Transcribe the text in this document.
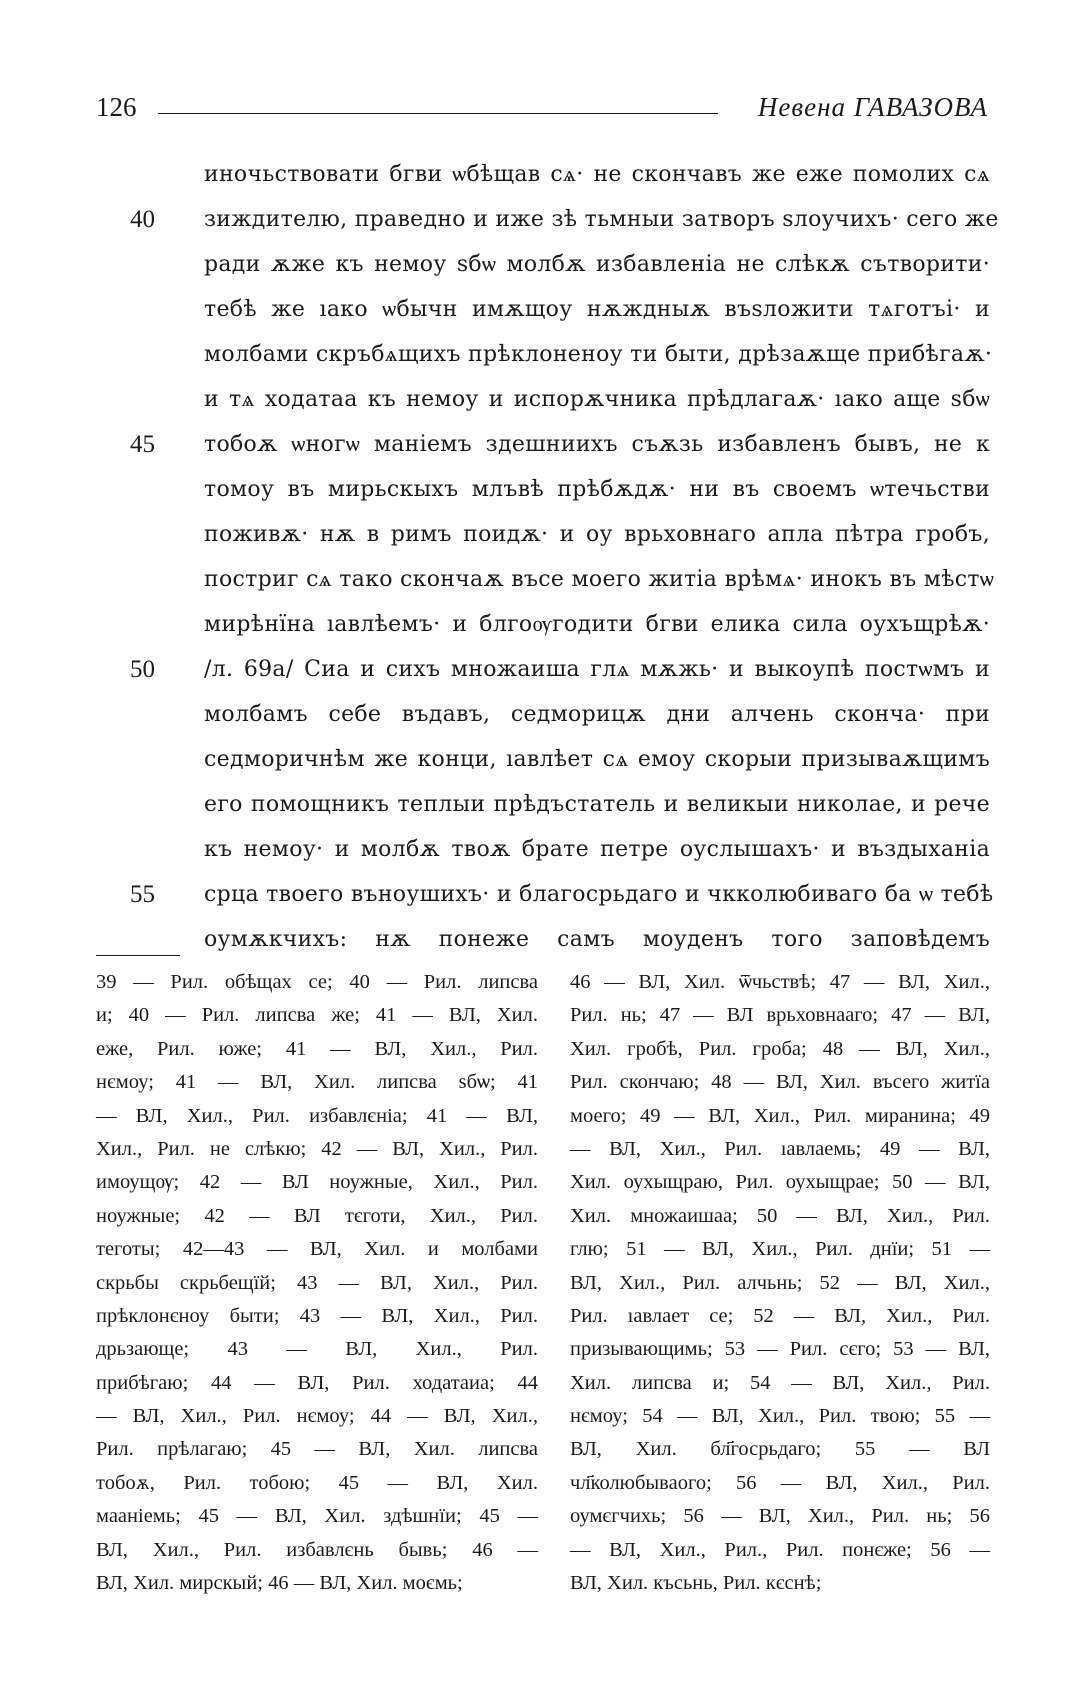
126	Невена ГАВАЗОВА
иночьствовати бгви ѡбѣщав сѧ· не скончавъ же еже помолих сѧ
40	зиждителю, праведно и иже зѣ тьмныи затворъ ѕлоучихъ· сего же
ради ѫже къ немоу ѕбѡ молбѫ избавленіа не слѣкѫ сътворити·
тебѣ же ıако ѡбычн имѫщоу нѫждныѫ въѕложити тѧготъі· и
молбами скръбѧщихъ прѣклоненоу ти быти, дрѣзаѫще прибѣгаѫ·
и тѧ ходатаа къ немоу и испорѫчника прѣдлагаѫ· ıако аще ѕбѡ
45	тобоѫ ѡногѡ маніемъ здешниихъ съѫзь избавленъ бывъ, не к
томоу въ мирьскыхъ млъвѣ прѣбѫдѫ· ни въ своемъ ѡтечьстви
поживѫ· нѫ в римъ поидѫ· и оу врьховнаго апла пѣтра гробъ,
постриг сѧ тако скончаѫ въсе моего житіа врѣмѧ· инокъ въ мѣстѡ
мирѣнїна ıавлѣемъ· и блгоѹгодити бгви елика сила оухъщрѣѫ·
50	/л. 69а/ Сиа и сихъ множаиша глѧ мѫжь· и выкоупѣ постѡмъ и
молбамъ себе въдавъ, седморицѫ дни алчень сконча· при
седморичнѣм же конци, ıавлѣет сѧ емоу скорыи призываѫщимъ
его помощникъ теплыи прѣдъстатель и великыи николае, и рече
къ немоу· и молбѫ твоѫ брате петре оуслышахъ· и въздыханіа
55	срца твоего въноушихъ· и благосрьдаго и чкколюбиваго ба ѡ тебѣ
оумѫкчихъ: нѫ понеже самъ моуденъ того заповѣдемъ
39 — Рил. обѣщах се; 40 — Рил. липсва
и; 40 — Рил. липсва же; 41 — ВЛ, Хил.
еже, Рил. юже; 41 — ВЛ, Хил., Рил.
нємоу; 41 — ВЛ, Хил. липсва ѕбѡ; 41
— ВЛ, Хил., Рил. избавлєніа; 41 — ВЛ,
Хил., Рил. не слѣкю; 42 — ВЛ, Хил., Рил.
имоущѹ; 42 — ВЛ ноужные, Хил., Рил.
ноужные; 42 — ВЛ тєготи, Хил., Рил.
теготы; 42—43 — ВЛ, Хил. и молбами
скрьбы скрьбещїй; 43 — ВЛ, Хил., Рил.
прѣклонєноу быти; 43 — ВЛ, Хил., Рил.
дрьзающе; 43 — ВЛ, Хил., Рил.
прибѣгаю; 44 — ВЛ, Рил. ходатаиа; 44
— ВЛ, Хил., Рил. нємоу; 44 — ВЛ, Хил.,
Рил. прѣлагаю; 45 — ВЛ, Хил. липсва
тобоѫ, Рил. тобою; 45 — ВЛ, Хил.
мааніемь; 45 — ВЛ, Хил. здѣшнїи; 45 —
ВЛ, Хил., Рил. избавлєнь бывь; 46 —
ВЛ, Хил. мирскый; 46 — ВЛ, Хил. моємь;
46 — ВЛ, Хил. ѿчьствѣ; 47 — ВЛ, Хил.,
Рил. нь; 47 — ВЛ врьховнааго; 47 — ВЛ,
Хил. гробѣ, Рил. гроба; 48 — ВЛ, Хил.,
Рил. скончаю; 48 — ВЛ, Хил. въсего житїа
моего; 49 — ВЛ, Хил., Рил. миранина; 49
— ВЛ, Хил., Рил. ıавлаемь; 49 — ВЛ,
Хил. оухыщраю, Рил. оухыщрае; 50 — ВЛ,
Хил. множаишаа; 50 — ВЛ, Хил., Рил.
глю; 51 — ВЛ, Хил., Рил. днїи; 51 —
ВЛ, Хил., Рил. алчьнь; 52 — ВЛ, Хил.,
Рил. ıавлает се; 52 — ВЛ, Хил., Рил.
призывающимь; 53 — Рил. сєго; 53 — ВЛ,
Хил. липсва и; 54 — ВЛ, Хил., Рил.
нємоу; 54 — ВЛ, Хил., Рил. твою; 55 —
ВЛ, Хил. бл҃госрьдаго; 55 — ВЛ
чл҃колюбываого; 56 — ВЛ, Хил., Рил.
оумєгчихь; 56 — ВЛ, Хил., Рил. нь; 56
— ВЛ, Хил., Рил., Рил. понєже; 56 —
ВЛ, Хил. късьнь, Рил. кєснѣ;
